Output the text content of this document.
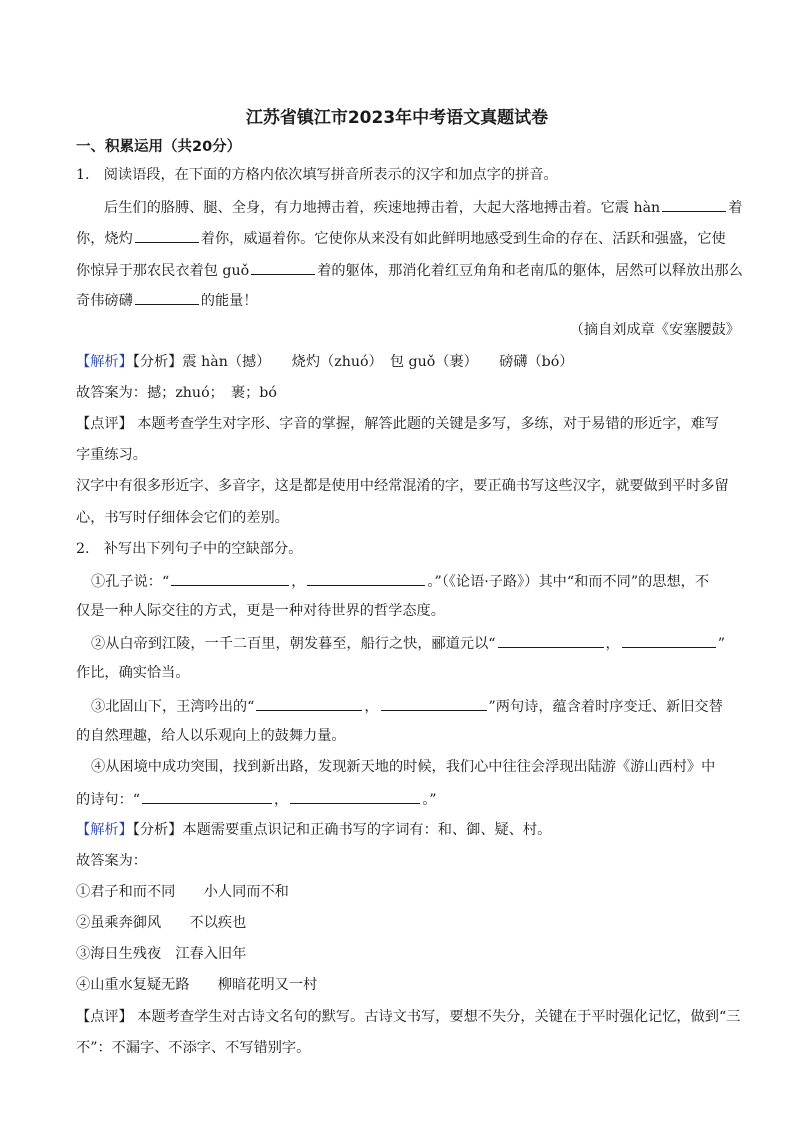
江苏省镇江市2023年中考语文真题试卷
一、积累运用（共20分）
1.　阅读语段，在下面的方格内依次填写拼音所表示的汉字和加点字的拼音。
后生们的胳膊、腿、全身，有力地搏击着，疾速地搏击着，大起大落地搏击着。它震 hàn	着
你，烧灼	着你，威逼着你。它使你从来没有如此鲜明地感受到生命的存在、活跃和强盛，它使
你惊异于那农民衣着包 guǒ	着的躯体，那消化着红豆角角和老南瓜的躯体，居然可以释放出那么
奇伟磅礴	的能量！
（摘自刘成章《安塞腰鼓》
【解析】【分析】震 hàn（撼）　　烧灼（zhuó）　包 guǒ（裹）　　磅礴（bó）
故答案为：撼；zhuó；　裹；bó
【点评】 本题考查学生对字形、字音的掌握，解答此题的关键是多写，多练，对于易错的形近字，难写
字重练习。
汉字中有很多形近字、多音字，这是都是使用中经常混淆的字，要正确书写这些汉字，就要做到平时多留
心，书写时仔细体会它们的差别。
2.　补写出下列句子中的空缺部分。
①孔子说：“	，	。”（《论语·子路》）其中“和而不同”的思想，不
仅是一种人际交往的方式，更是一种对待世界的哲学态度。
②从白帝到江陵，一千二百里，朝发暮至，船行之快，郦道元以“	，	”
作比，确实恰当。
③北固山下，王湾吟出的“	，	”两句诗，蕴含着时序变迁、新旧交替
的自然理趣，给人以乐观向上的鼓舞力量。
④从困境中成功突围，找到新出路，发现新天地的时候，我们心中往往会浮现出陆游《游山西村》中
的诗句：“	，	。”
【解析】【分析】本题需要重点识记和正确书写的字词有：和、御、疑、村。
故答案为：
①君子和而不同　　小人同而不和
②虽乘奔御风　　不以疾也
③海日生残夜　江春入旧年
④山重水复疑无路　　柳暗花明又一村
【点评】 本题考查学生对古诗文名句的默写。古诗文书写，要想不失分，关键在于平时强化记忆，做到“三
不”：不漏字、不添字、不写错别字。
